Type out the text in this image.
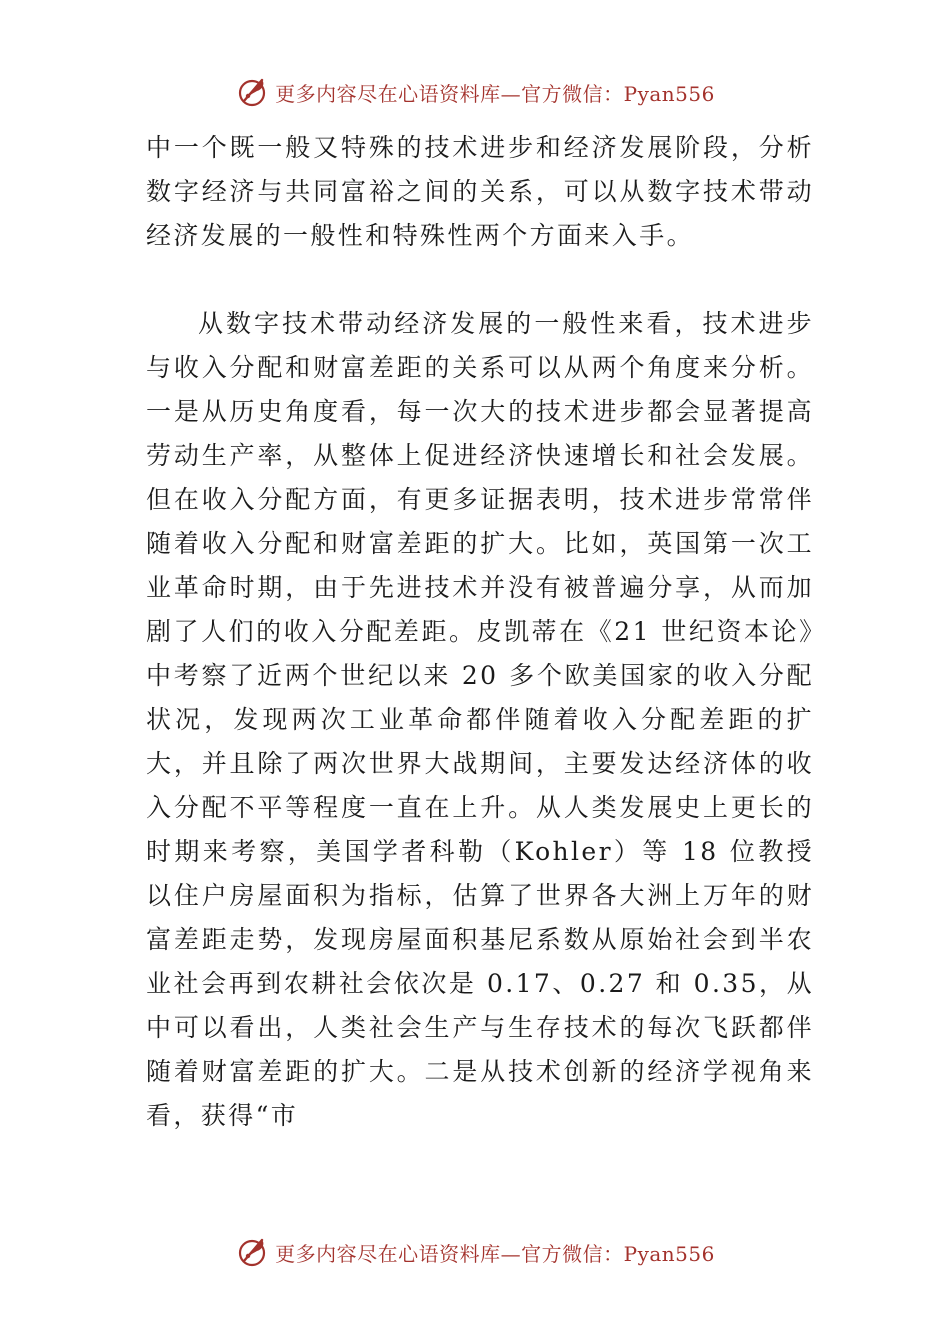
更多内容尽在心语资料库—官方微信：Pyan556

中一个既一般又特殊的技术进步和经济发展阶段，分析数字经济与共同富裕之间的关系，可以从数字技术带动经济发展的一般性和特殊性两个方面来入手。

从数字技术带动经济发展的一般性来看，技术进步与收入分配和财富差距的关系可以从两个角度来分析。一是从历史角度看，每一次大的技术进步都会显著提高劳动生产率，从整体上促进经济快速增长和社会发展。但在收入分配方面，有更多证据表明，技术进步常常伴随着收入分配和财富差距的扩大。比如，英国第一次工业革命时期，由于先进技术并没有被普遍分享，从而加剧了人们的收入分配差距。皮凯蒂在《21 世纪资本论》中考察了近两个世纪以来 20 多个欧美国家的收入分配状况，发现两次工业革命都伴随着收入分配差距的扩大，并且除了两次世界大战期间，主要发达经济体的收入分配不平等程度一直在上升。从人类发展史上更长的时期来考察，美国学者科勒（Kohler）等 18 位教授以住户房屋面积为指标，估算了世界各大洲上万年的财富差距走势，发现房屋面积基尼系数从原始社会到半农业社会再到农耕社会依次是 0.17、0.27 和 0.35，从中可以看出，人类社会生产与生存技术的每次飞跃都伴随着财富差距的扩大。二是从技术创新的经济学视角来看，获得“市

更多内容尽在心语资料库—官方微信：Pyan556
